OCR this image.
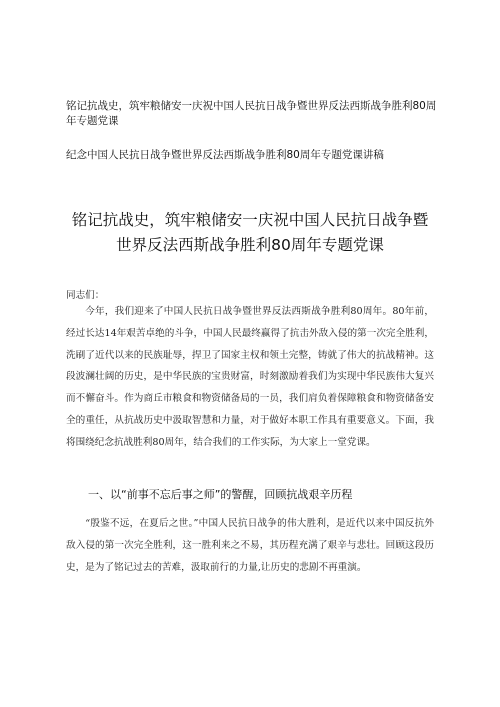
铭记抗战史，筑牢粮储安一庆祝中国人民抗日战争暨世界反法西斯战争胜利80周年专题党课
纪念中国人民抗日战争暨世界反法西斯战争胜利80周年专题党课讲稿
铭记抗战史，筑牢粮储安一庆祝中国人民抗日战争暨世界反法西斯战争胜利80周年专题党课
同志们：
今年，我们迎来了中国人民抗日战争暨世界反法西斯战争胜利80周年。80年前，经过长达14年艰苦卓绝的斗争，中国人民最终赢得了抗击外敌入侵的第一次完全胜利，洗刷了近代以来的民族耻辱，捍卫了国家主权和领土完整，铸就了伟大的抗战精神。这段波澜壮阔的历史，是中华民族的宝贵财富，时刻激励着我们为实现中华民族伟大复兴而不懈奋斗。作为商丘市粮食和物资储备局的一员，我们肩负着保障粮食和物资储备安全的重任，从抗战历史中汲取智慧和力量，对于做好本职工作具有重要意义。下面，我将围绕纪念抗战胜利80周年，结合我们的工作实际，为大家上一堂党课。
一、以“前事不忘后事之师”的警醒，回顾抗战艰辛历程
“殷鉴不远，在夏后之世。”中国人民抗日战争的伟大胜利，是近代以来中国反抗外敌入侵的第一次完全胜利，这一胜利来之不易，其历程充满了艰辛与悲壮。回顾这段历史，是为了铭记过去的苦难，汲取前行的力量,让历史的悲剧不再重演。
